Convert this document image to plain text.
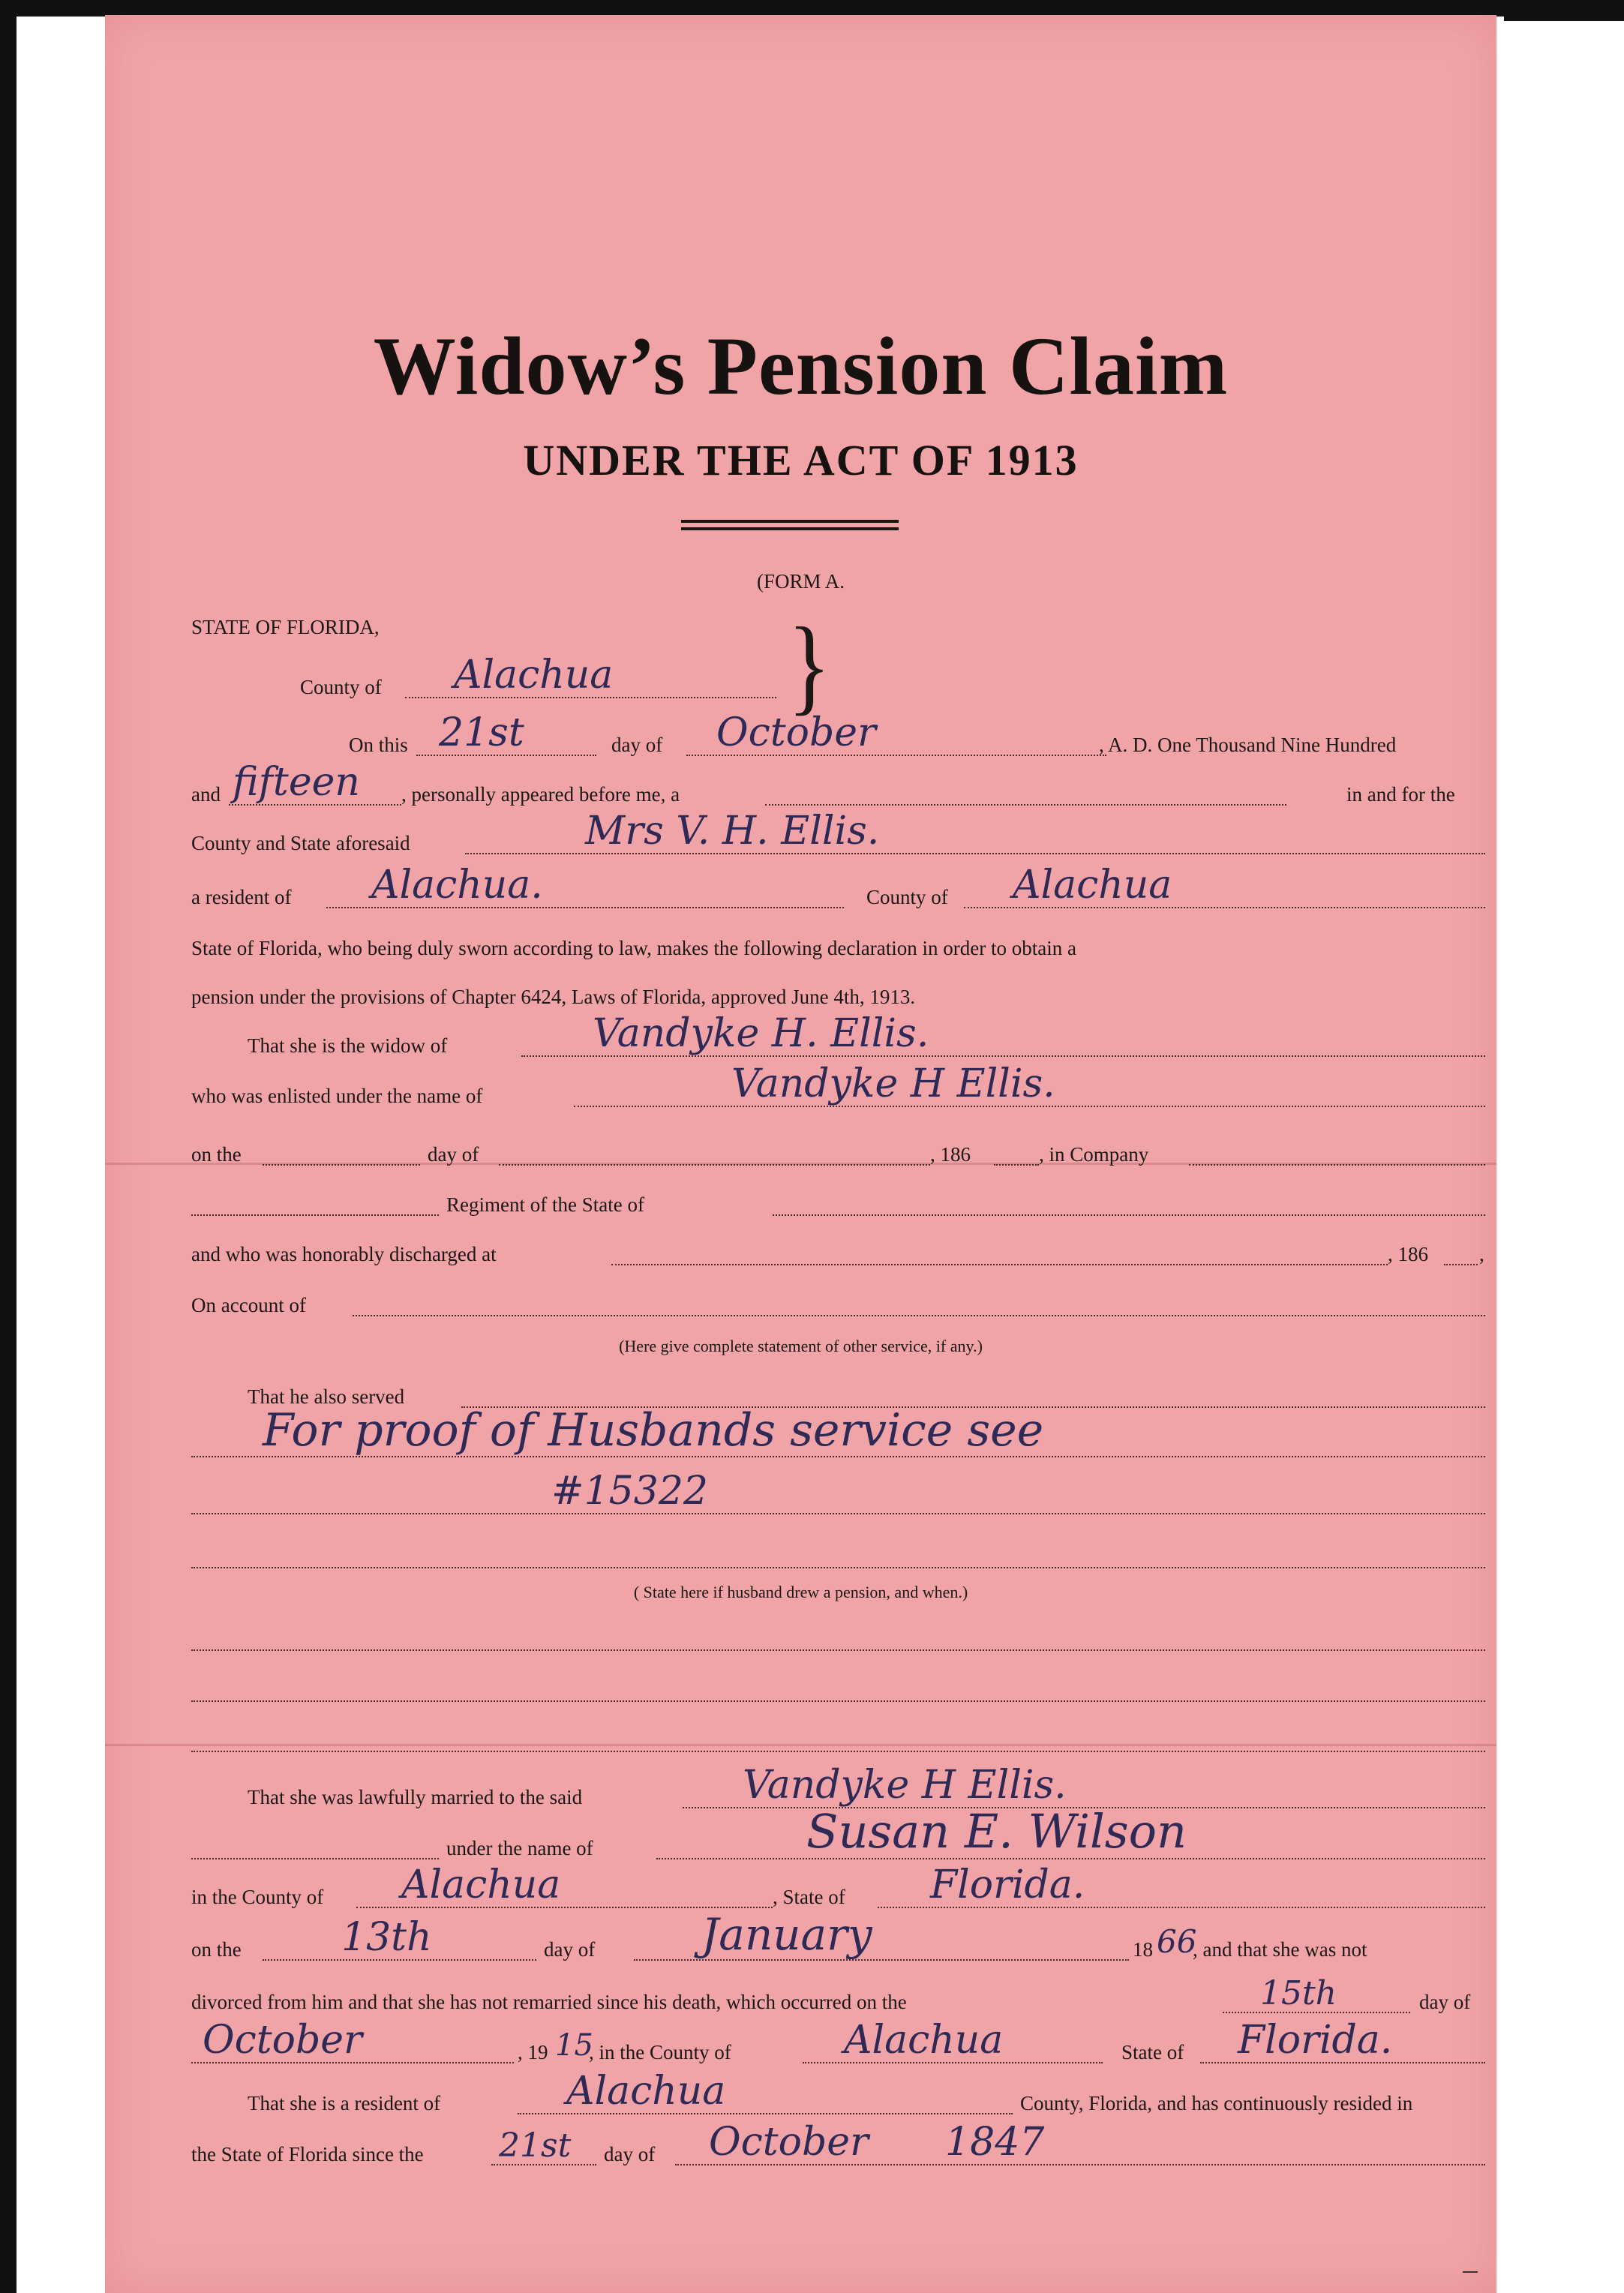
Widow’s Pension Claim
UNDER THE ACT OF 1913
(FORM A.
STATE OF FLORIDA,	}
County of Alachua
On this 21st	day of October	, A. D. One Thousand Nine Hundred
and fifteen , personally appeared before me, a	in and for the
County and State aforesaid	Mrs V. H. Ellis.
a resident of Alachua.	County of Alachua
State of Florida, who being duly sworn according to law, makes the following declaration in order to obtain a
pension under the provisions of Chapter 6424, Laws of Florida, approved June 4th, 1913.
That she is the widow of	Vandyke H. Ellis.
who was enlisted under the name of	Vandyke H Ellis.
on the	day of	, 186	, in Company
Regiment of the State of
and who was honorably discharged at	, 186	,
On account of
(Here give complete statement of other service, if any.)
That he also served
For proof of Husbands service see
#15322
( State here if husband drew a pension, and when.)
That she was lawfully married to the said	Vandyke H Ellis.
under the name of	Susan E. Wilson
in the County of Alachua	, State of Florida.
on the	13th	day of January	18 66
, and that she was not
divorced from him and that she has not remarried since his death, which occurred on the	15th	day of
October	, 19 15
, in the County of	Alachua	State of Florida.
That she is a resident of	Alachua	County, Florida, and has continuously resided in
the State of Florida since the 21st day of October 1847
